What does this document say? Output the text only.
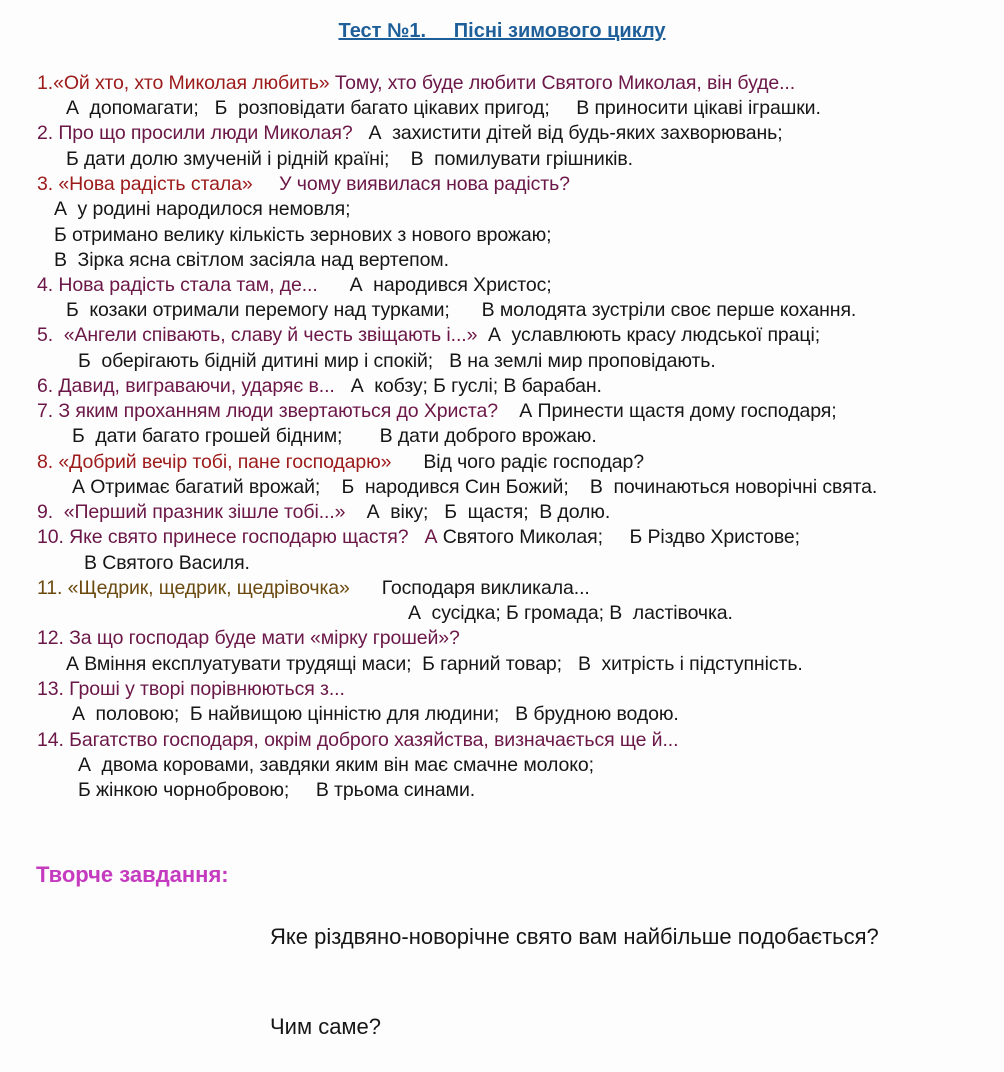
Тест №1.     Пісні зимового циклу
1.«Ой хто, хто Миколая любить» Тому, хто буде любити Святого Миколая, він буде...
А  допомагати;   Б  розповідати багато цікавих пригод;     В приносити цікаві іграшки.
2. Про що просили люди Миколая?   А  захистити дітей від будь-яких захворювань;
Б дати долю змученій і рідній країні;    В  помилувати грішників.
3. «Нова радість стала»     У чому виявилася нова радість?
А  у родині народилося немовля;
Б отримано велику кількість зернових з нового врожаю;
В  Зірка ясна світлом засіяла над вертепом.
4. Нова радість стала там, де...      А  народився Христос;
Б  козаки отримали перемогу над турками;      В молодята зустріли своє перше кохання.
5.  «Ангели співають, славу й честь звіщають і...»  А  уславлюють красу людської праці;
Б  оберігають бідній дитині мир і спокій;   В на землі мир проповідають.
6. Давид, вигравaючи, ударяє в...   А  кобзу; Б гуслі; В барабан.
7. З яким проханням люди звертаються до Христа?    А Принести щастя дому господаря;
Б  дати багато грошей бідним;       В дати доброго врожаю.
8. «Добрий вечір тобі, пане господарю»      Від чого радіє господар?
А Отримає багатий врожай;    Б  народився Син Божий;    В  починаються новорічні свята.
9.  «Перший празник зішле тобі...»    А  віку;   Б  щастя;  В долю.
10. Яке свято принесе господарю щастя?   А Святого Миколая;     Б Різдво Христове;
В Святого Василя.
11. «Щедрик, щедрик, щедрівочка»      Господаря викликала...
А  сусідка; Б громада; В  ластівочка.
12. За що господар буде мати «мірку грошей»?
А Вміння експлуатувати трудящі маси;  Б гарний товар;   В  хитрість і підступність.
13. Гроші у творі порівнюються з...
А  половою;  Б найвищою цінністю для людини;   В брудною водою.
14. Багатство господаря, окрім доброго хазяйства, визначається ще й...
А  двома коровами, завдяки яким він має смачне молоко;
Б жінкою чорнобровою;     В трьома синами.
Творче завдання:

Яке різдвяно-новорічне свято вам найбільше подобається?

Чим саме?
